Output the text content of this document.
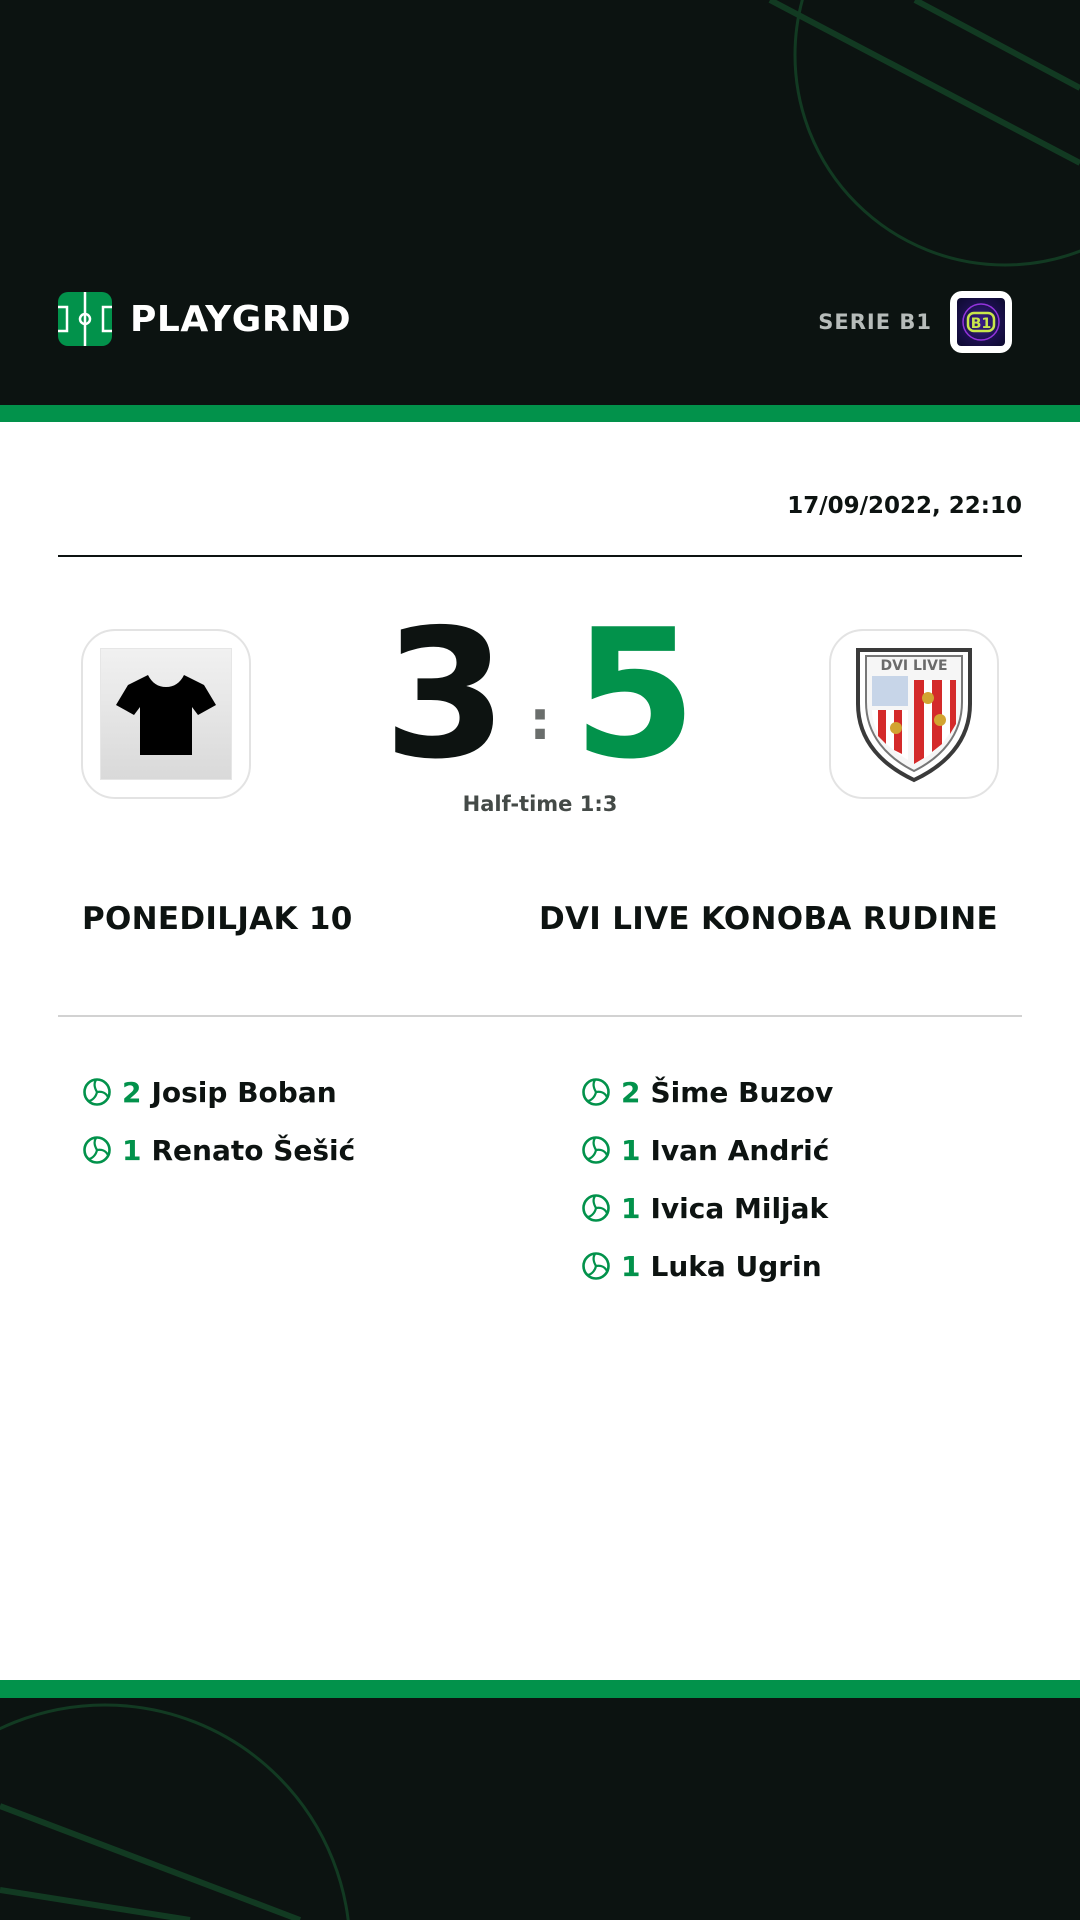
PLAYGRND	SERIE B1	B1
17/09/2022, 22:10
3 : 5
Half-time 1:3
DVI LIVE
PONEDILJAK 10	DVI LIVE KONOBA RUDINE
2 Josip Boban
1 Renato Šešić
2 Šime Buzov
1 Ivan Andrić
1 Ivica Miljak
1 Luka Ugrin
